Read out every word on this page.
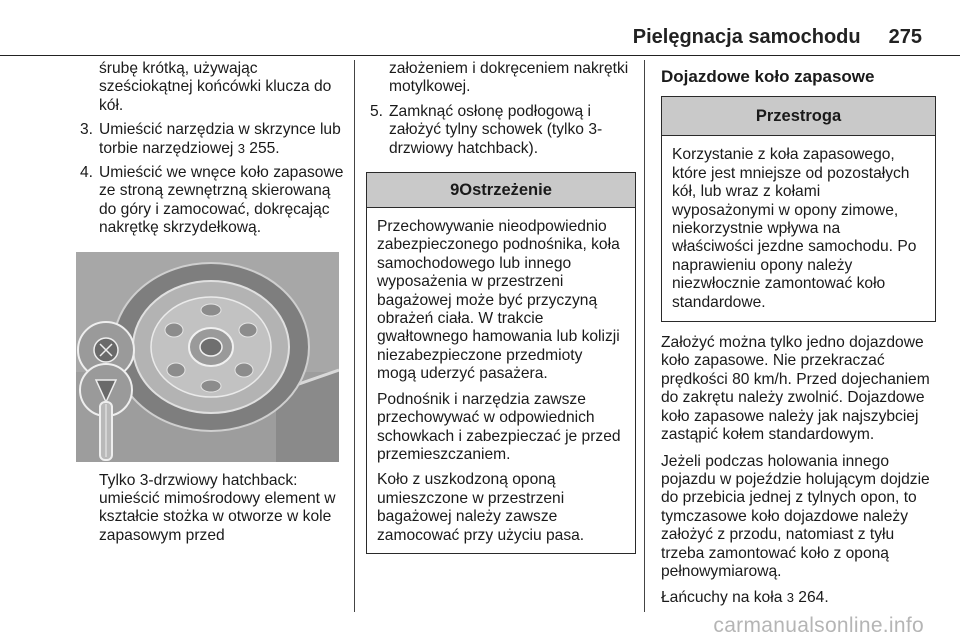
Pielęgnacja samochodu 275

śrubę krótką, używając sześciokątnej końcówki klucza do kół.

3. Umieścić narzędzia w skrzynce lub torbie narzędziowej 3 255.
4. Umieścić we wnęce koło zapasowe ze stroną zewnętrzną skierowaną do góry i zamocować, dokręcając nakrętkę skrzydełkową.

Tylko 3-drzwiowy hatchback: umieścić mimośrodowy element w kształcie stożka w otworze w kole zapasowym przed

założeniem i dokręceniem nakrętki motylkowej.

5. Zamknąć osłonę podłogową i założyć tylny schowek (tylko 3-drzwiowy hatchback).
9Ostrzeżenie

Przechowywanie nieodpowiednio zabezpieczonego podnośnika, koła samochodowego lub innego wyposażenia w przestrzeni bagażowej może być przyczyną obrażeń ciała. W trakcie gwałtownego hamowania lub kolizji niezabezpieczone przedmioty mogą uderzyć pasażera.

Podnośnik i narzędzia zawsze przechowywać w odpowiednich schowkach i zabezpieczać je przed przemieszczaniem.

Koło z uszkodzoną oponą umieszczone w przestrzeni bagażowej należy zawsze zamocować przy użyciu pasa.

Dojazdowe koło zapasowe
Przestroga
Korzystanie z koła zapasowego, które jest mniejsze od pozostałych kół, lub wraz z kołami wyposażonymi w opony zimowe, niekorzystnie wpływa na właściwości jezdne samochodu. Po naprawieniu opony należy niezwłocznie zamontować koło standardowe.

Założyć można tylko jedno dojazdowe koło zapasowe. Nie przekraczać prędkości 80 km/h. Przed dojechaniem do zakrętu należy zwolnić. Dojazdowe koło zapasowe należy jak najszybciej zastąpić kołem standardowym.

Jeżeli podczas holowania innego pojazdu w pojeździe holującym dojdzie do przebicia jednej z tylnych opon, to tymczasowe koło dojazdowe należy założyć z przodu, natomiast z tyłu trzeba zamontować koło z oponą pełnowymiarową.

Łańcuchy na koła 3 264.

carmanualsonline.info
